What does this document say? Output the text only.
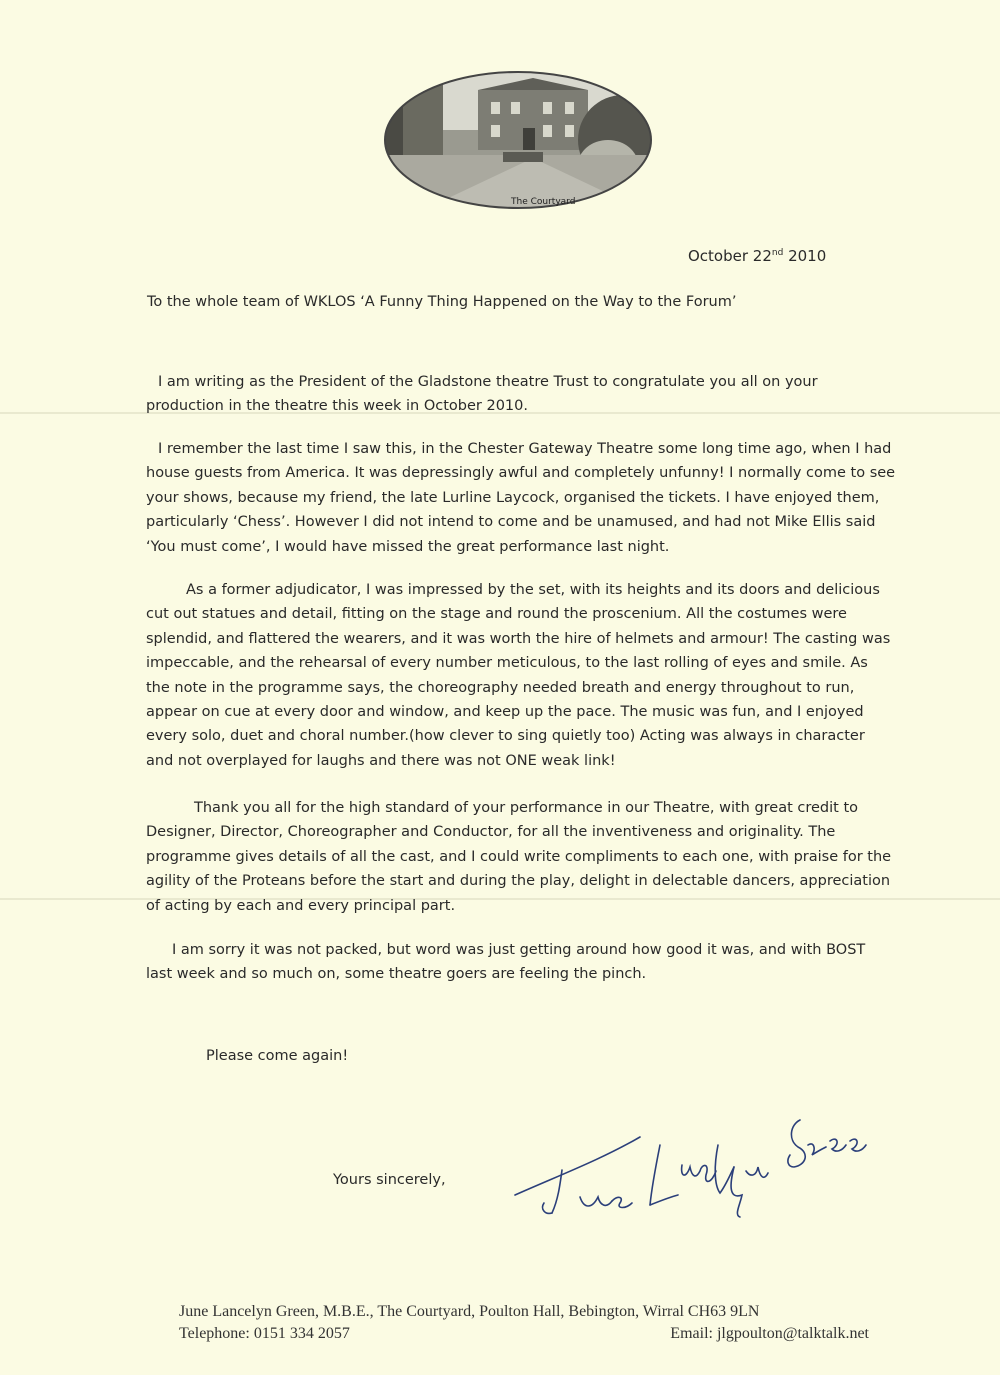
The Courtyard
October 22nd 2010
To the whole team of WKLOS ‘A Funny Thing Happened on the Way to the Forum’
I am writing as the President of the Gladstone theatre Trust to congratulate you all on your production in the theatre this week in October 2010.
I remember the last time I saw this, in the Chester Gateway Theatre some long time ago, when I had house guests from America. It was depressingly awful and completely unfunny! I normally come to see your shows, because my friend, the late Lurline Laycock, organised the tickets. I have enjoyed them, particularly ‘Chess’. However I did not intend to come and be unamused, and had not Mike Ellis said ‘You must come’, I would have missed the great performance last night.
As a former adjudicator, I was impressed by the set, with its heights and its doors and delicious cut out statues and detail, fitting on the stage and round the proscenium. All the costumes were splendid, and flattered the wearers, and it was worth the hire of helmets and armour! The casting was impeccable, and the rehearsal of every number meticulous, to the last rolling of eyes and smile. As the note in the programme says, the choreography needed breath and energy throughout to run, appear on cue at every door and window, and keep up the pace. The music was fun, and I enjoyed every solo, duet and choral number.(how clever to sing quietly too) Acting was always in character and not overplayed for laughs and there was not ONE weak link!
Thank you all for the high standard of your performance in our Theatre, with great credit to Designer, Director, Choreographer and Conductor, for all the inventiveness and originality. The programme gives details of all the cast, and I could write compliments to each one, with praise for the agility of the Proteans before the start and during the play, delight in delectable dancers, appreciation of acting by each and every principal part.
I am sorry it was not packed, but word was just getting around how good it was, and with BOST last week and so much on, some theatre goers are feeling the pinch.
Please come again!
Yours sincerely,
June Lancelyn Green, M.B.E., The Courtyard, Poulton Hall, Bebington, Wirral CH63 9LN
Telephone: 0151 334 2057	Email: jlgpoulton@talktalk.net
